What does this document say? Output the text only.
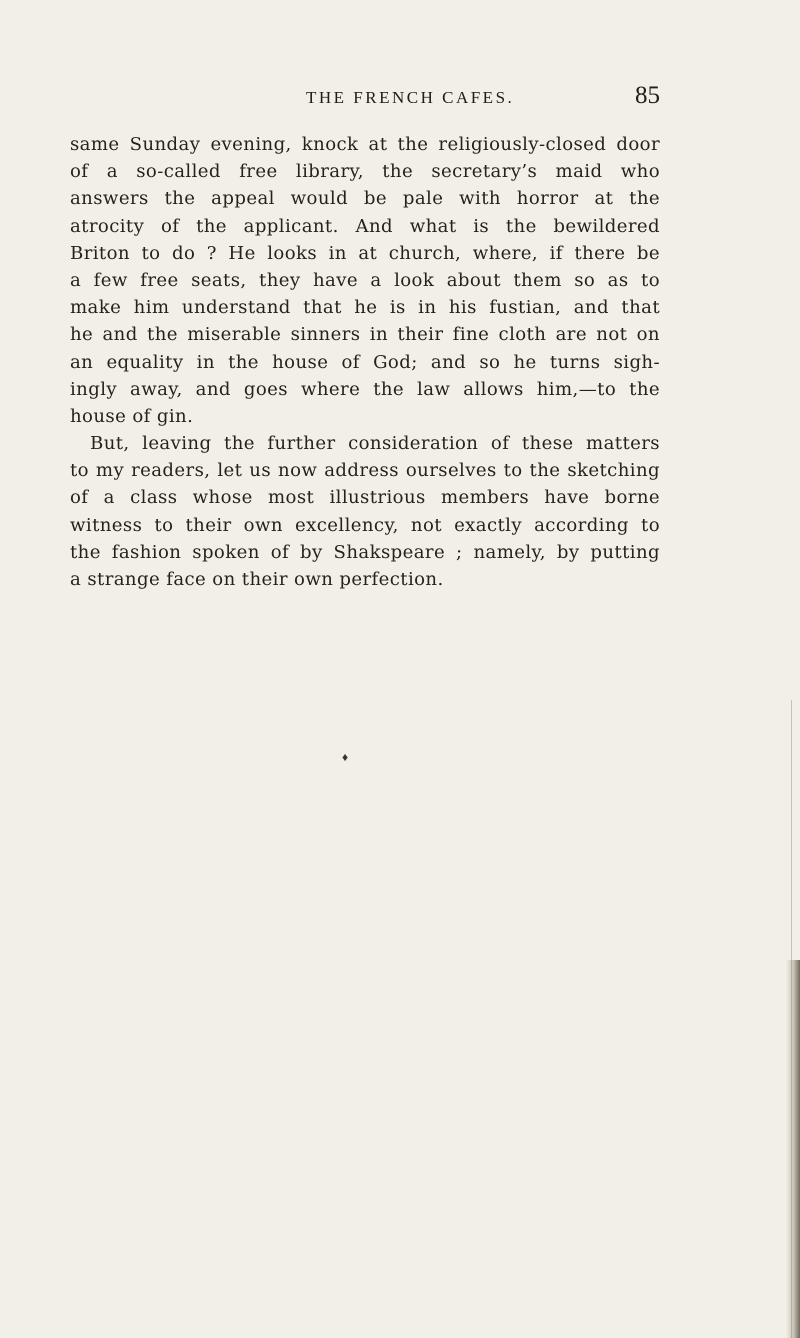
THE FRENCH CAFES.	85
same Sunday evening, knock at the religiously-closed door
of a so-called free library, the secretary’s maid who
answers the appeal would be pale with horror at the
atrocity of the applicant. And what is the bewildered
Briton to do ? He looks in at church, where, if there be
a few free seats, they have a look about them so as to
make him understand that he is in his fustian, and that
he and the miserable sinners in their fine cloth are not on
an equality in the house of God; and so he turns sigh-
ingly away, and goes where the law allows him,—to the
house of gin.
But, leaving the further consideration of these matters
to my readers, let us now address ourselves to the sketching
of a class whose most illustrious members have borne
witness to their own excellency, not exactly according to
the fashion spoken of by Shakspeare ; namely, by putting
a strange face on their own perfection.
♦
